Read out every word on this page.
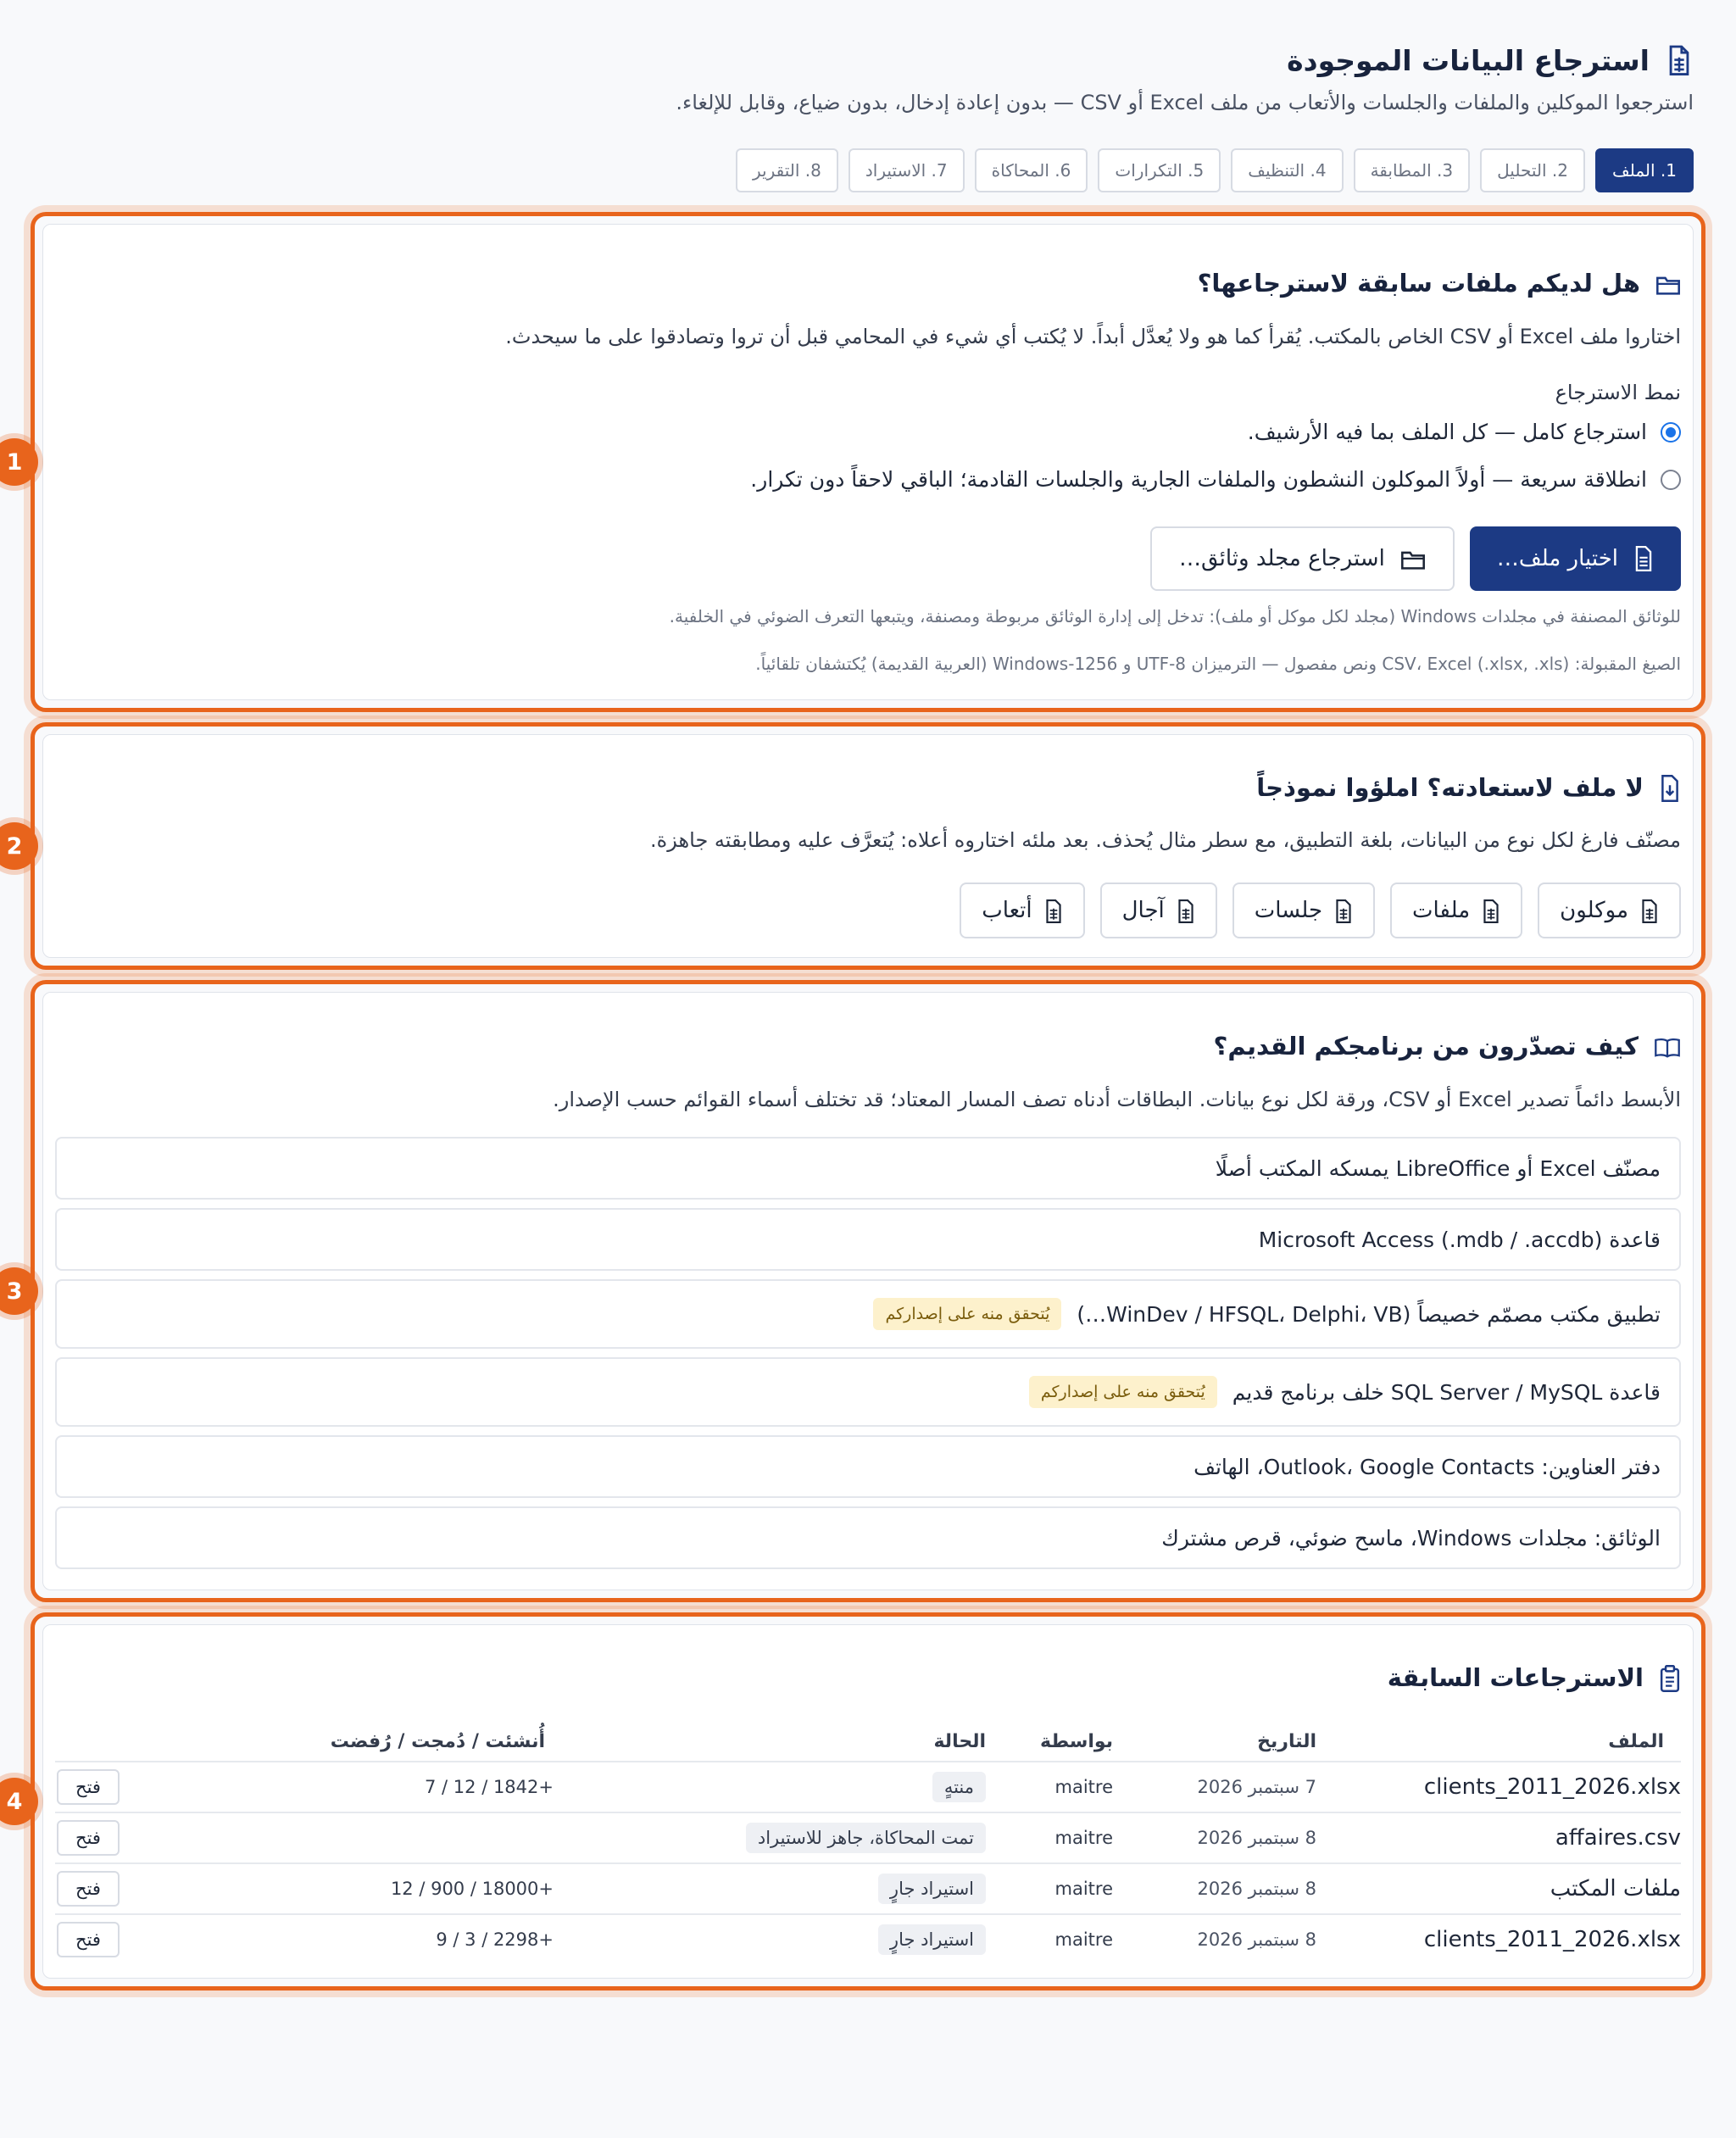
استرجاع البيانات الموجودة
استرجعوا الموكلين والملفات والجلسات والأتعاب من ملف Excel أو CSV — بدون إعادة إدخال، بدون ضياع، وقابل للإلغاء.
1. الملف
2. التحليل
3. المطابقة
4. التنظيف
5. التكرارات
6. المحاكاة
7. الاستيراد
8. التقرير
هل لديكم ملفات سابقة لاسترجاعها؟
اختاروا ملف Excel أو CSV الخاص بالمكتب. يُقرأ كما هو ولا يُعدَّل أبداً. لا يُكتب أي شيء في المحامي قبل أن تروا وتصادقوا على ما سيحدث.
نمط الاسترجاع
استرجاع كامل — كل الملف بما فيه الأرشيف.
انطلاقة سريعة — أولاً الموكلون النشطون والملفات الجارية والجلسات القادمة؛ الباقي لاحقاً دون تكرار.
اختيار ملف…
استرجاع مجلد وثائق…
للوثائق المصنفة في مجلدات Windows (مجلد لكل موكل أو ملف): تدخل إلى إدارة الوثائق مربوطة ومصنفة، ويتبعها التعرف الضوئي في الخلفية.
الصيغ المقبولة: CSV، Excel (.xlsx, .xls) ونص مفصول — الترميزان UTF-8 و Windows-1256 (العربية القديمة) يُكتشفان تلقائياً.
1
لا ملف لاستعادته؟ املؤوا نموذجاً
مصنّف فارغ لكل نوع من البيانات، بلغة التطبيق، مع سطر مثال يُحذف. بعد ملئه اختاروه أعلاه: يُتعرَّف عليه ومطابقته جاهزة.
موكلون
ملفات
جلسات
آجال
أتعاب
2
كيف تصدّرون من برنامجكم القديم؟
الأبسط دائماً تصدير Excel أو CSV، ورقة لكل نوع بيانات. البطاقات أدناه تصف المسار المعتاد؛ قد تختلف أسماء القوائم حسب الإصدار.
مصنّف Excel أو LibreOffice يمسكه المكتب أصلًا
قاعدة Microsoft Access (.mdb / .accdb)
تطبيق مكتب مصمّم خصيصاً (WinDev / HFSQL، Delphi، VB…)
يُتحقق منه على إصداركم
قاعدة SQL Server / MySQL خلف برنامج قديم
يُتحقق منه على إصداركم
دفتر العناوين: Outlook، Google Contacts، الهاتف
الوثائق: مجلدات Windows، ماسح ضوئي، قرص مشترك
3
الاسترجاعات السابقة
الملف
التاريخ
بواسطة
الحالة
أُنشئت / دُمجت / رُفضت
clients_2011_2026.xlsx
7 سبتمبر 2026
maitre
منتهٍ
7 / 12 / 1842+
فتح
affaires.csv
8 سبتمبر 2026
maitre
تمت المحاكاة، جاهز للاستيراد
فتح
ملفات المكتب
8 سبتمبر 2026
maitre
استيراد جارٍ
12 / 900 / 18000+
فتح
clients_2011_2026.xlsx
8 سبتمبر 2026
maitre
استيراد جارٍ
9 / 3 / 2298+
فتح
4
